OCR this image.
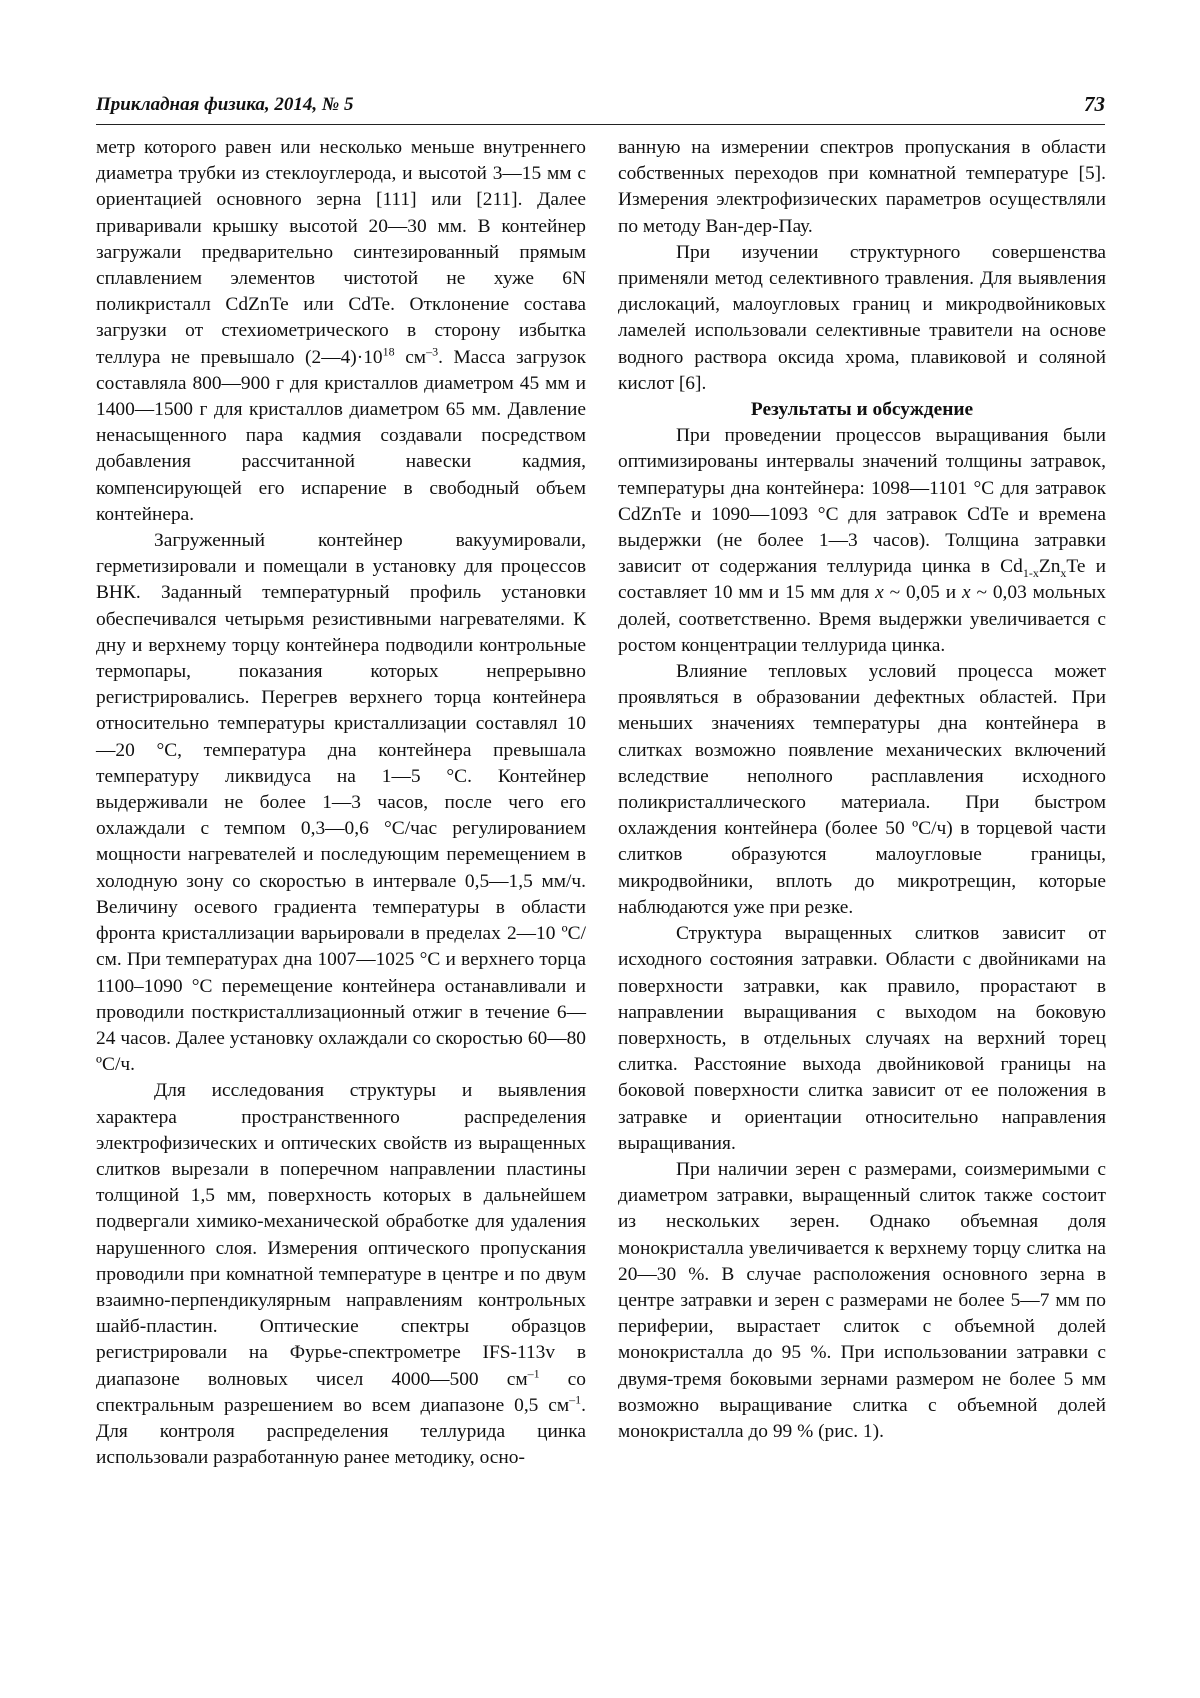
Прикладная физика, 2014, № 5	73

метр которого равен или несколько меньше внутреннего диаметра трубки из стеклоуглерода, и высотой 3—15 мм с ориентацией основного зерна [111] или [211]. Далее приваривали крышку высотой 20—30 мм. В контейнер загружали предварительно синтезированный прямым сплавлением элементов чистотой не хуже 6N поликристалл CdZnTe или CdTe. Отклонение состава загрузки от стехиометрического в сторону избытка теллура не превышало $(2—4)\cdot 10^{18}$ $см^{-3}$. Масса загрузок составляла 800—900 г для кристаллов диаметром 45 мм и 1400—1500 г для кристаллов диаметром 65 мм. Давление ненасыщенного пара кадмия создавали посредством добавления рассчитанной навески кадмия, компенсирующей его испарение в свободный объем контейнера.

Загруженный контейнер вакуумировали, герметизировали и помещали в установку для процессов ВНК. Заданный температурный профиль установки обеспечивался четырьмя резистивными нагревателями. К дну и верхнему торцу контейнера подводили контрольные термопары, показания которых непрерывно регистрировались. Перегрев верхнего торца контейнера относительно температуры кристаллизации составлял 10—20 °С, температура дна контейнера превышала температуру ликвидуса на 1—5 °С. Контейнер выдерживали не более 1—3 часов, после чего его охлаждали с темпом 0,3—0,6 °С/час регулированием мощности нагревателей и последующим перемещением в холодную зону со скоростью в интервале 0,5—1,5 мм/ч. Величину осевого градиента температуры в области фронта кристаллизации варьировали в пределах 2—10 ºС/см. При температурах дна 1007—1025 °С и верхнего торца 1100–1090 °С перемещение контейнера останавливали и проводили посткристаллизационный отжиг в течение 6—24 часов. Далее установку охлаждали со скоростью 60—80 ºС/ч.

Для исследования структуры и выявления характера пространственного распределения электрофизических и оптических свойств из выращенных слитков вырезали в поперечном направлении пластины толщиной 1,5 мм, поверхность которых в дальнейшем подвергали химико-механической обработке для удаления нарушенного слоя. Измерения оптического пропускания проводили при комнатной температуре в центре и по двум взаимно-перпендикулярным направлениям контрольных шайб-пластин. Оптические спектры образцов регистрировали на Фурье-спектрометре IFS-113v в диапазоне волновых чисел 4000—500 $см^{-1}$ со спектральным разрешением во всем диапазоне 0,5 $см^{-1}$. Для контроля распределения теллурида цинка использовали разработанную ранее методику, осно-

ванную на измерении спектров пропускания в области собственных переходов при комнатной температуре [5]. Измерения электрофизических параметров осуществляли по методу Ван-дер-Пау.

При изучении структурного совершенства применяли метод селективного травления. Для выявления дислокаций, малоугловых границ и микродвойниковых ламелей использовали селективные травители на основе водного раствора оксида хрома, плавиковой и соляной кислот [6].

Результаты и обсуждение

При проведении процессов выращивания были оптимизированы интервалы значений толщины затравок, температуры дна контейнера: 1098—1101 °С для затравок CdZnTe и 1090—1093 °С для затравок CdTe и времена выдержки (не более 1—3 часов). Толщина затравки зависит от содержания теллурида цинка в $Cd_{1-x}Zn_xTe$ и составляет 10 мм и 15 мм для x ~ 0,05 и x ~ 0,03 мольных долей, соответственно. Время выдержки увеличивается с ростом концентрации теллурида цинка.

Влияние тепловых условий процесса может проявляться в образовании дефектных областей. При меньших значениях температуры дна контейнера в слитках возможно появление механических включений вследствие неполного расплавления исходного поликристаллического материала. При быстром охлаждения контейнера (более 50 ºС/ч) в торцевой части слитков образуются малоугловые границы, микродвойники, вплоть до микротрещин, которые наблюдаются уже при резке.

Структура выращенных слитков зависит от исходного состояния затравки. Области с двойниками на поверхности затравки, как правило, прорастают в направлении выращивания с выходом на боковую поверхность, в отдельных случаях на верхний торец слитка. Расстояние выхода двойниковой границы на боковой поверхности слитка зависит от ее положения в затравке и ориентации относительно направления выращивания.

При наличии зерен с размерами, соизмеримыми с диаметром затравки, выращенный слиток также состоит из нескольких зерен. Однако объемная доля монокристалла увеличивается к верхнему торцу слитка на 20—30 %. В случае расположения основного зерна в центре затравки и зерен с размерами не более 5—7 мм по периферии, вырастает слиток с объемной долей монокристалла до 95 %. При использовании затравки с двумя-тремя боковыми зернами размером не более 5 мм возможно выращивание слитка с объемной долей монокристалла до 99 % (рис. 1).
